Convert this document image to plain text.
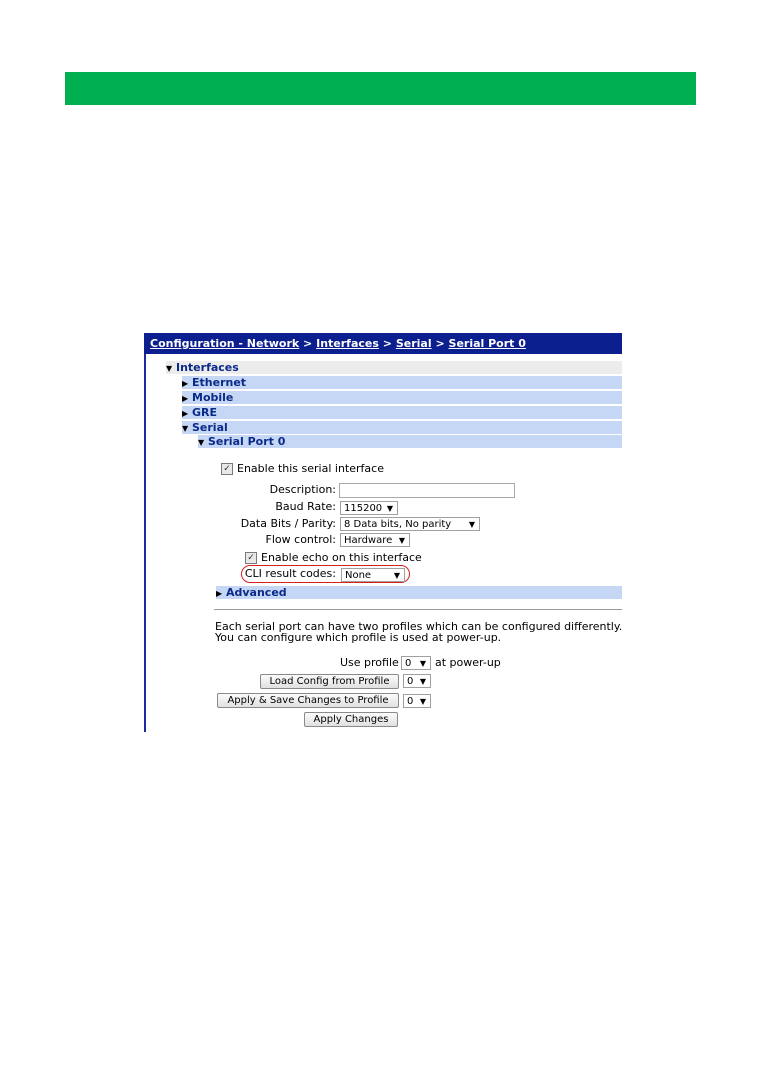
Configuration - Network > Interfaces > Serial > Serial Port 0
▼ Interfaces
▶ Ethernet
▶ Mobile
▶ GRE
▼ Serial
▼ Serial Port 0
✓ Enable this serial interface
Description:
Baud Rate: 115200 ▼
Data Bits / Parity: 8 Data bits, No parity ▼
Flow control: Hardware ▼
✓ Enable echo on this interface
CLI result codes: None	▼
▶ Advanced
Each serial port can have two profiles which can be configured differently.
You can configure which profile is used at power-up.
Use profile 0 ▼ at power-up
Load Config from Profile	0 ▼
Apply & Save Changes to Profile	0 ▼
Apply Changes
